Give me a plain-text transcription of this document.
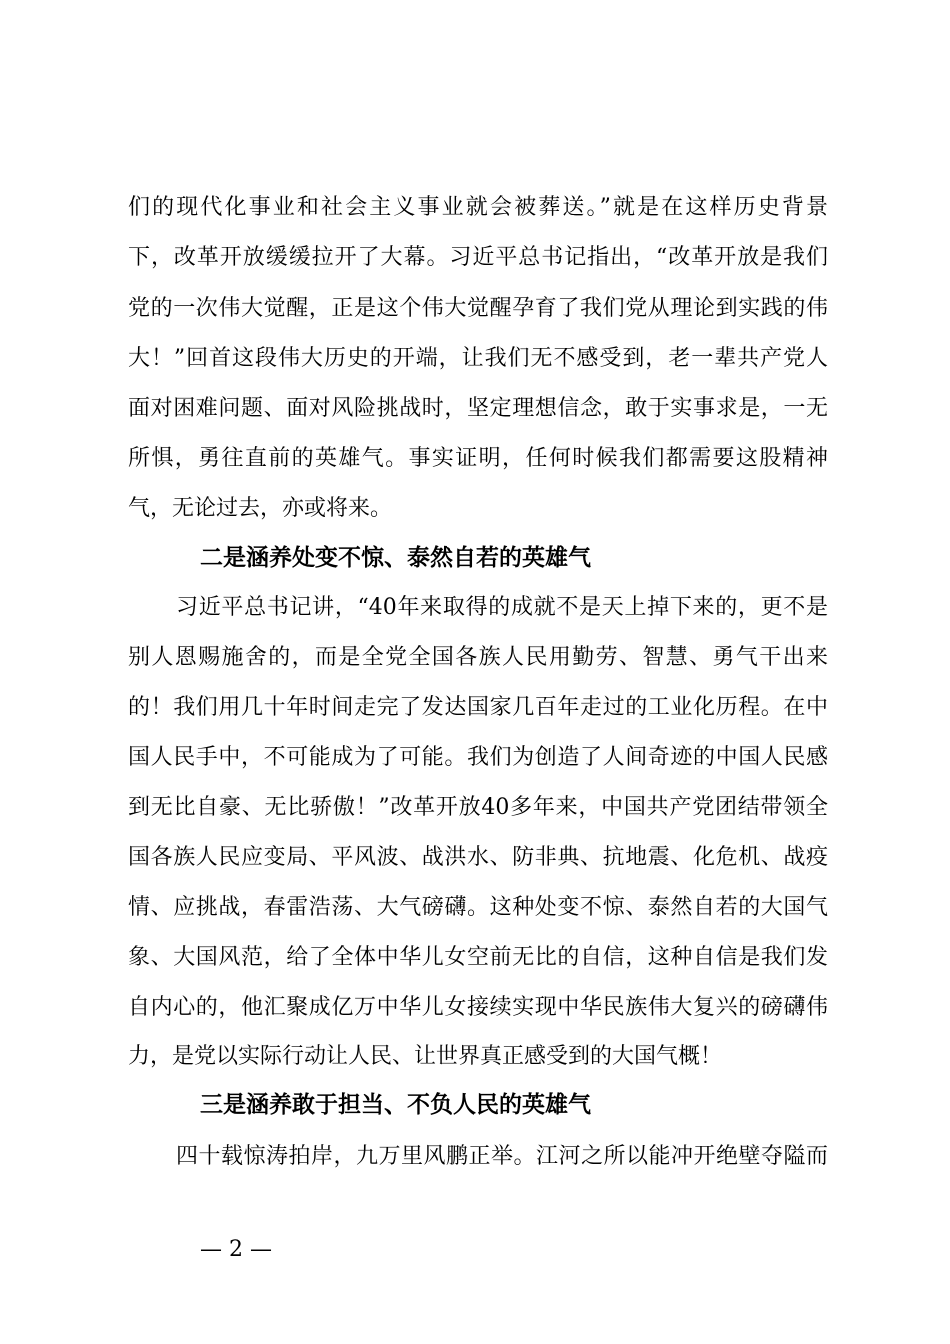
们的现代化事业和社会主义事业就会被葬送。”就是在这样历史背景
下，改革开放缓缓拉开了大幕。习近平总书记指出，“改革开放是我们
党的一次伟大觉醒，正是这个伟大觉醒孕育了我们党从理论到实践的伟
大！”回首这段伟大历史的开端，让我们无不感受到，老一辈共产党人
面对困难问题、面对风险挑战时，坚定理想信念，敢于实事求是，一无
所惧，勇往直前的英雄气。事实证明，任何时候我们都需要这股精神
气，无论过去，亦或将来。
二是涵养处变不惊、泰然自若的英雄气
习近平总书记讲，“40年来取得的成就不是天上掉下来的，更不是
别人恩赐施舍的，而是全党全国各族人民用勤劳、智慧、勇气干出来
的！我们用几十年时间走完了发达国家几百年走过的工业化历程。在中
国人民手中，不可能成为了可能。我们为创造了人间奇迹的中国人民感
到无比自豪、无比骄傲！”改革开放40多年来，中国共产党团结带领全
国各族人民应变局、平风波、战洪水、防非典、抗地震、化危机、战疫
情、应挑战，春雷浩荡、大气磅礴。这种处变不惊、泰然自若的大国气
象、大国风范，给了全体中华儿女空前无比的自信，这种自信是我们发
自内心的，他汇聚成亿万中华儿女接续实现中华民族伟大复兴的磅礴伟
力，是党以实际行动让人民、让世界真正感受到的大国气概！
三是涵养敢于担当、不负人民的英雄气
四十载惊涛拍岸，九万里风鹏正举。江河之所以能冲开绝壁夺隘而
— 2 —
